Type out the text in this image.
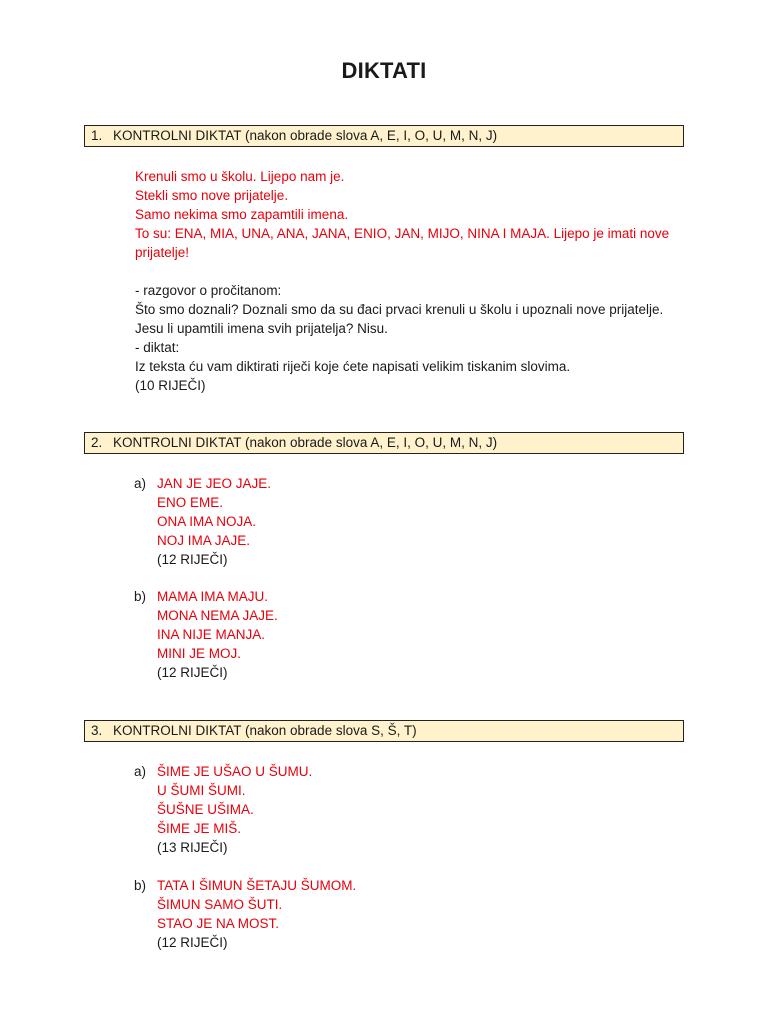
DIKTATI
1. KONTROLNI DIKTAT (nakon obrade slova A, E, I, O, U, M, N, J)
Krenuli smo u školu. Lijepo nam je.
Stekli smo nove prijatelje.
Samo nekima smo zapamtili imena.
To su: ENA, MIA, UNA, ANA, JANA, ENIO, JAN, MIJO, NINA I MAJA. Lijepo je imati nove prijatelje!
- razgovor o pročitanom:
Što smo doznali? Doznali smo da su đaci prvaci krenuli u školu i upoznali nove prijatelje.
Jesu li upamtili imena svih prijatelja? Nisu.
- diktat:
Iz teksta ću vam diktirati riječi koje ćete napisati velikim tiskanim slovima.
(10 RIJEČI)
2. KONTROLNI DIKTAT (nakon obrade slova A, E, I, O, U, M, N, J)
a) JAN JE JEO JAJE.
ENO EME.
ONA IMA NOJA.
NOJ IMA JAJE.
(12 RIJEČI)
b) MAMA IMA MAJU.
MONA NEMA JAJE.
INA NIJE MANJA.
MINI JE MOJ.
(12 RIJEČI)
3. KONTROLNI DIKTAT (nakon obrade slova S, Š, T)
a) ŠIME JE UŠAO U ŠUMU.
U ŠUMI ŠUMI.
ŠUŠNE UŠIMA.
ŠIME JE MIŠ.
(13 RIJEČI)
b) TATA I ŠIMUN ŠETAJU ŠUMOM.
ŠIMUN SAMO ŠUTI.
STAO JE NA MOST.
(12 RIJEČI)
